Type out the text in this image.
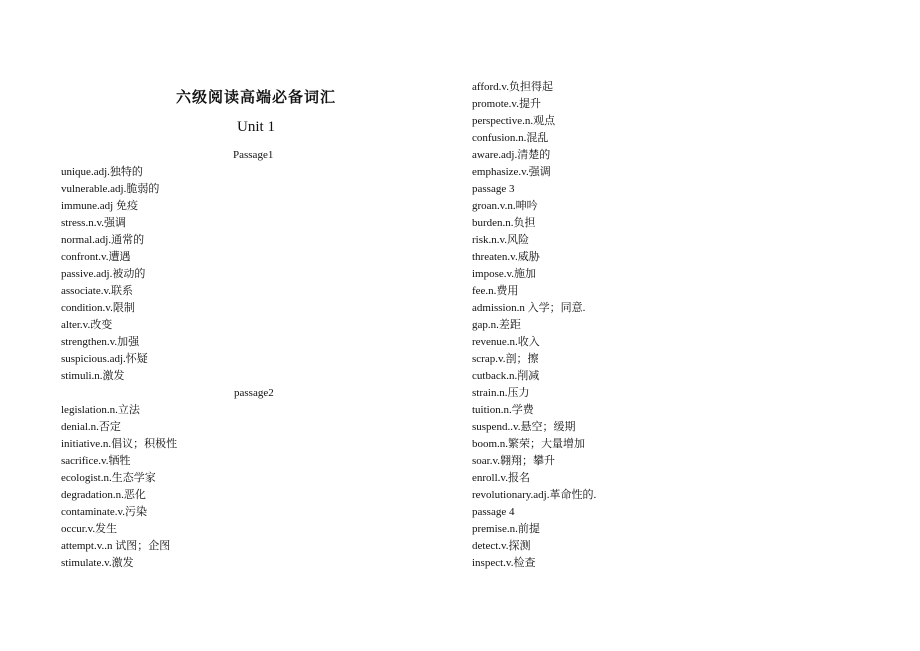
六级阅读高端必备词汇
Unit 1
Passage1
unique.adj.独特的
vulnerable.adj.脆弱的
immune.adj 免疫
stress.n.v.强调
normal.adj.通常的
confront.v.遭遇
passive.adj.被动的
associate.v.联系
condition.v.限制
alter.v.改变
strengthen.v.加强
suspicious.adj.怀疑
stimuli.n.激发
passage2
legislation.n.立法
denial.n.否定
initiative.n.倡议；积极性
sacrifice.v.牺牲
ecologist.n.生态学家
degradation.n.恶化
contaminate.v.污染
occur.v.发生
attempt.v..n 试图；企图
stimulate.v.激发
afford.v.负担得起
promote.v.提升
perspective.n.观点
confusion.n.混乱
aware.adj.清楚的
emphasize.v.强调
passage 3
groan.v.n.呻吟
burden.n.负担
risk.n.v.风险
threaten.v.威胁
impose.v.施加
fee.n.费用
admission.n 入学；同意.
gap.n.差距
revenue.n.收入
scrap.v.剖；擦
cutback.n.削减
strain.n.压力
tuition.n.学费
suspend..v.悬空；缓期
boom.n.繁荣；大量增加
soar.v.翱翔；攀升
enroll.v.报名
revolutionary.adj.革命性的.
passage 4
premise.n.前提
detect.v.探测
inspect.v.检查
